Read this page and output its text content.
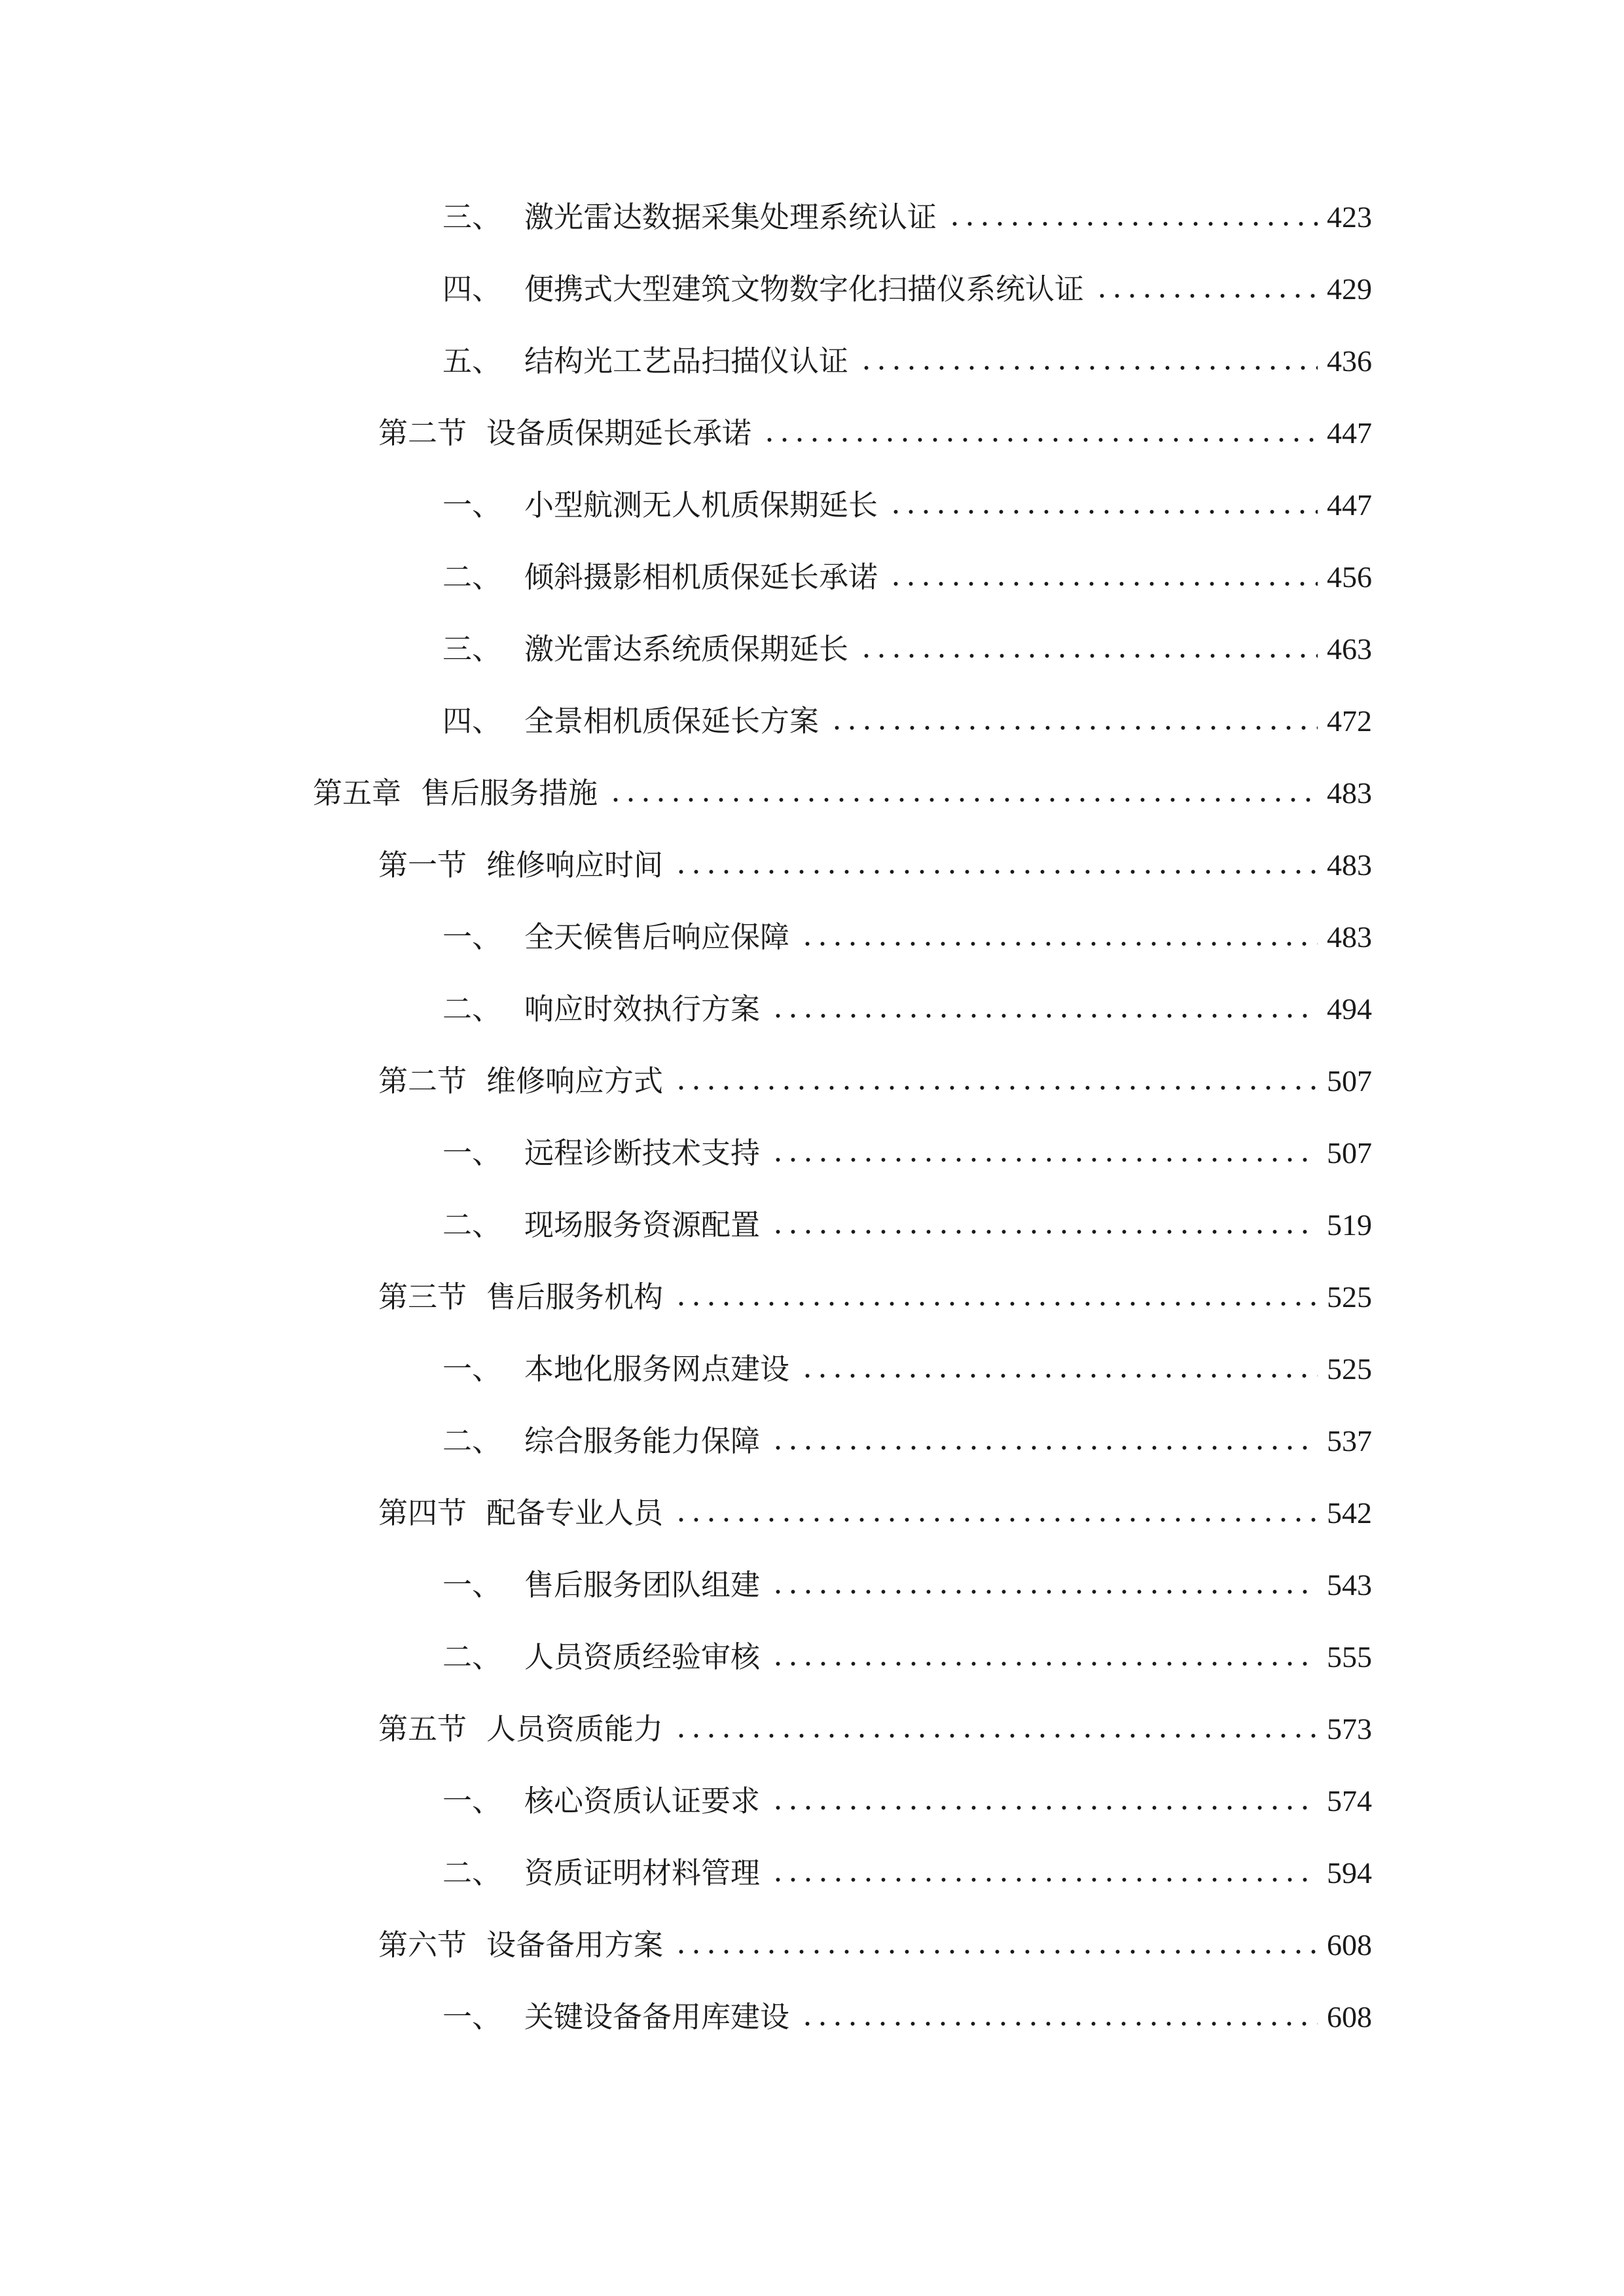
三、 激光雷达数据采集处理系统认证	423
四、 便携式大型建筑文物数字化扫描仪系统认证	429
五、 结构光工艺品扫描仪认证	436
第二节 设备质保期延长承诺	447
一、 小型航测无人机质保期延长	447
二、 倾斜摄影相机质保延长承诺	456
三、 激光雷达系统质保期延长	463
四、 全景相机质保延长方案	472
第五章 售后服务措施	483
第一节 维修响应时间	483
一、 全天候售后响应保障	483
二、 响应时效执行方案	494
第二节 维修响应方式	507
一、 远程诊断技术支持	507
二、 现场服务资源配置	519
第三节 售后服务机构	525
一、 本地化服务网点建设	525
二、 综合服务能力保障	537
第四节 配备专业人员	542
一、 售后服务团队组建	543
二、 人员资质经验审核	555
第五节 人员资质能力	573
一、 核心资质认证要求	574
二、 资质证明材料管理	594
第六节 设备备用方案	608
一、 关键设备备用库建设	608
